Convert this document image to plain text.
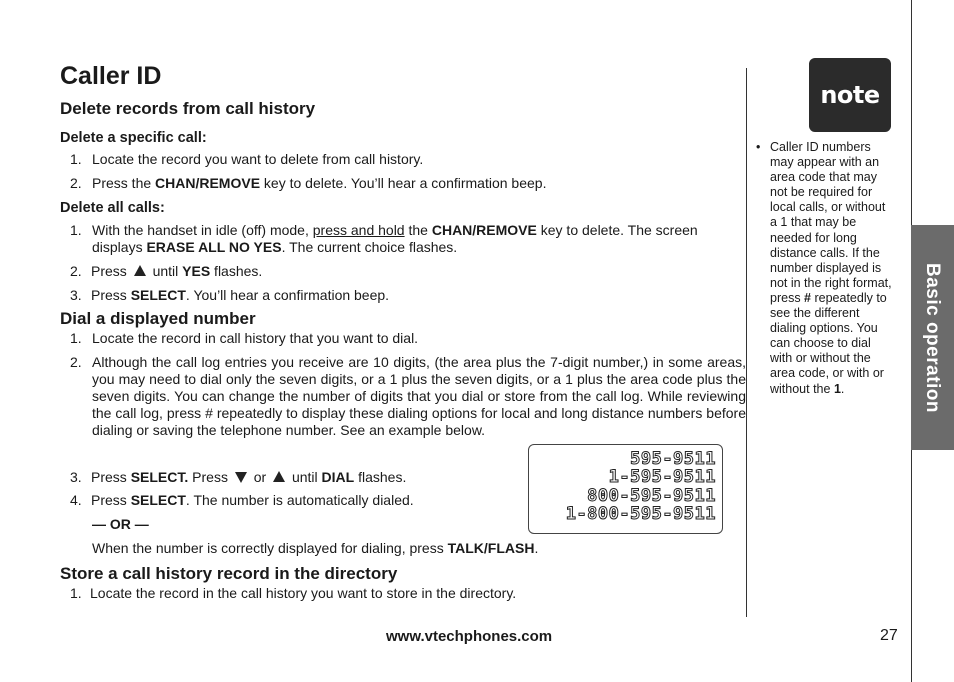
Caller ID
Delete records from call history
Delete a specific call:
1. Locate the record you want to delete from call history.
2. Press the CHAN/REMOVE key to delete. You’ll hear a confirmation beep.
Delete all calls:
1. With the handset in idle (off) mode, press and hold the CHAN/REMOVE key to delete. The screen displays ERASE ALL NO YES. The current choice flashes.
2. Press  until YES flashes.
3. Press SELECT. You’ll hear a confirmation beep.
Dial a displayed number
1. Locate the record in call history that you want to dial.
2. Although the call log entries you receive are 10 digits, (the area plus the 7-digit number,) in some areas, you may need to dial only the seven digits, or a 1 plus the seven digits, or a 1 plus the area code plus the seven digits. You can change the number of digits that you dial or store from the call log. While reviewing the call log, press # repeatedly to display these dialing options for local and long distance numbers before dialing or saving the telephone number. See an example below.
3. Press SELECT. Press  or  until DIAL flashes.
4. Press SELECT. The number is automatically dialed.
— OR —
When the number is correctly displayed for dialing, press TALK/FLASH.
595-9511
1-595-9511
800-595-9511
1-800-595-9511
Store a call history record in the directory
1. Locate the record in the call history you want to store in the directory.
note
• Caller ID numbers may appear with an area code that may not be required for local calls, or without a 1 that may be needed for long distance calls. If the number displayed is not in the right format, press # repeatedly to see the different dialing options. You can choose to dial with or without the area code, or with or without the 1.	Basic operation
www.vtechphones.com	27
